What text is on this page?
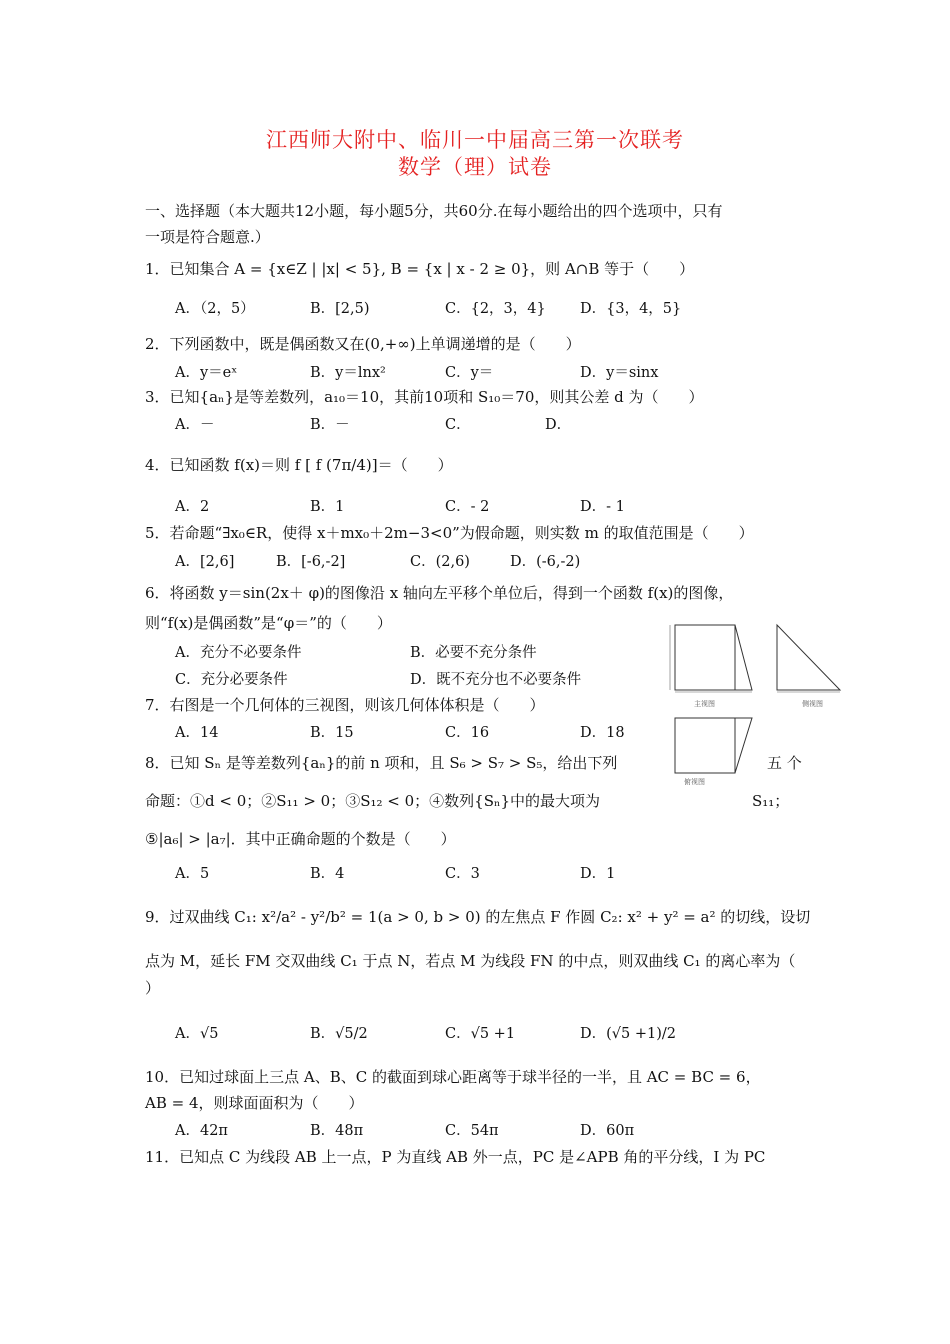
江西师大附中、临川一中届高三第一次联考
数学（理）试卷
一、选择题（本大题共12小题，每小题5分，共60分.在每小题给出的四个选项中，只有
一项是符合题意.）
1．已知集合 A = {x∈Z | |x| < 5}, B = {x | x - 2 ≥ 0}，则 A∩B 等于（　　）
A．（2，5）	B．[2,5)	C．{2，3，4} D．{3，4，5}
2．下列函数中，既是偶函数又在(0,+∞)上单调递增的是（　　）
A．y＝eˣ	B．y＝lnx²	C．y＝	D．y＝sinx
3．已知{aₙ}是等差数列，a₁₀＝10，其前10项和 S₁₀＝70，则其公差 d 为（　　）
A．－	B．－	C．	D．
4．已知函数 f(x)＝则 f [ f (7π/4)]＝（　　）
A．2	B．1	C．- 2	D．- 1
5．若命题“∃x₀∈R，使得 x＋mx₀＋2m−3<0”为假命题，则实数 m 的取值范围是（　　）
A．[2,6]	B．[-6,-2]	C．(2,6)	D．(-6,-2)
6．将函数 y＝sin(2x＋ φ)的图像沿 x 轴向左平移个单位后，得到一个函数 f(x)的图像，
则“f(x)是偶函数”是“φ＝”的（　　）
A．充分不必要条件	B．必要不充分条件
C．充分必要条件	D．既不充分也不必要条件
主视图	侧视图
俯视图
7．右图是一个几何体的三视图，则该几何体体积是（　　）
A．14	B．15	C．16	D．18
8．已知 Sₙ 是等差数列{aₙ}的前 n 项和，且 S₆ > S₇ > S₅，给出下列	五 个
命题：①d < 0；②S₁₁ > 0；③S₁₂ < 0；④数列{Sₙ}中的最大项为	S₁₁；
⑤|a₆| > |a₇|．其中正确命题的个数是（　　）
A．5	B．4	C．3	D．1
9．过双曲线 C₁: x²/a² - y²/b² = 1(a > 0, b > 0) 的左焦点 F 作圆 C₂: x² + y² = a² 的切线，设切
点为 M，延长 FM 交双曲线 C₁ 于点 N，若点 M 为线段 FN 的中点，则双曲线 C₁ 的离心率为（
）
A．√5	B．√5/2	C．√5 +1	D．(√5 +1)/2
10．已知过球面上三点 A、B、C 的截面到球心距离等于球半径的一半，且 AC = BC = 6，
AB = 4，则球面面积为（　　）
A．42π	B．48π	C．54π	D．60π
11．已知点 C 为线段 AB 上一点，P 为直线 AB 外一点，PC 是∠APB 角的平分线，I 为 PC
